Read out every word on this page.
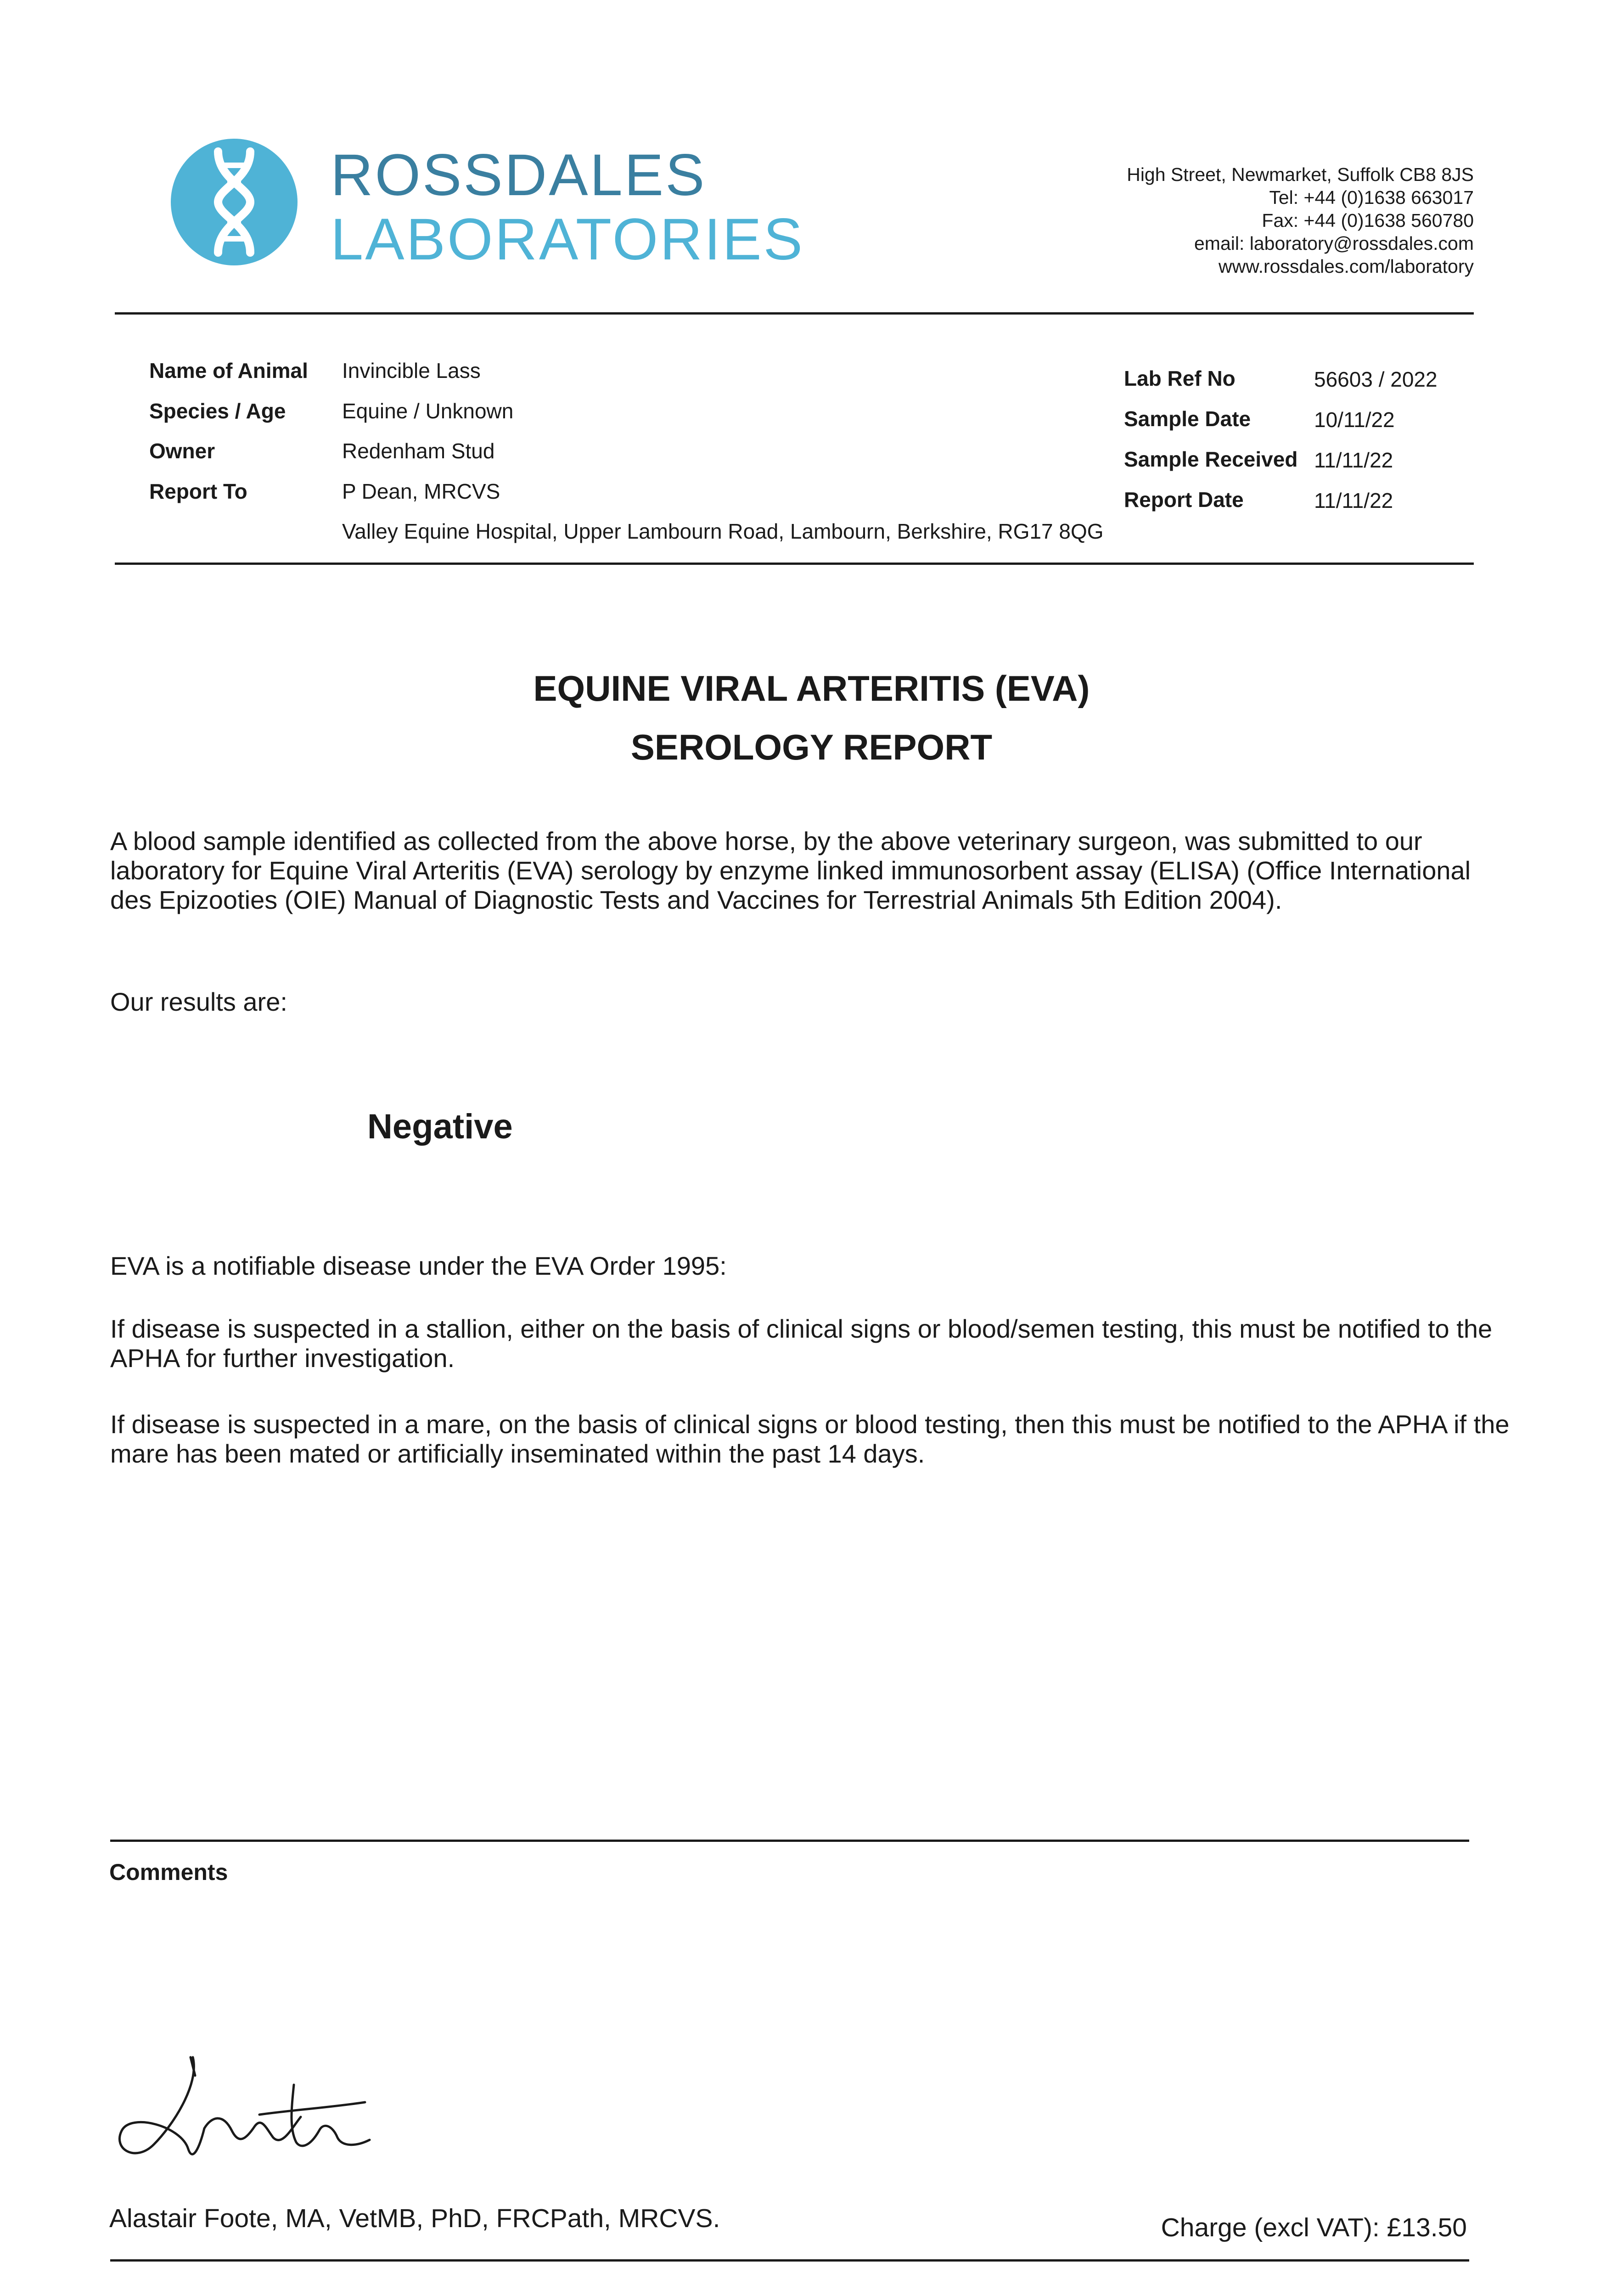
ROSSDALES
LABORATORIES
High Street, Newmarket, Suffolk CB8 8JS
Tel: +44 (0)1638 663017
Fax: +44 (0)1638 560780
email: laboratory@rossdales.com
www.rossdales.com/laboratory
Name of Animal Invincible Lass
Species / Age	Equine / Unknown
Owner	Redenham Stud
Report To	P Dean, MRCVS
Valley Equine Hospital, Upper Lambourn Road, Lambourn, Berkshire, RG17 8QG
Lab Ref No	56603 / 2022
Sample Date	10/11/22
Sample Received 11/11/22
Report Date	11/11/22
EQUINE VIRAL ARTERITIS (EVA)
SEROLOGY REPORT
A blood sample identified as collected from the above horse, by the above veterinary surgeon, was submitted to our laboratory for Equine Viral Arteritis (EVA) serology by enzyme linked immunosorbent assay (ELISA) (Office International des Epizooties (OIE) Manual of Diagnostic Tests and Vaccines for Terrestrial Animals 5th Edition 2004).
Our results are:
Negative
EVA is a notifiable disease under the EVA Order 1995:
If disease is suspected in a stallion, either on the basis of clinical signs or blood/semen testing, this must be notified to the APHA for further investigation.
If disease is suspected in a mare, on the basis of clinical signs or blood testing, then this must be notified to the APHA if the mare has been mated or artificially inseminated within the past 14 days.
Comments
Alastair Foote, MA, VetMB, PhD, FRCPath, MRCVS.	Charge (excl VAT): £13.50
